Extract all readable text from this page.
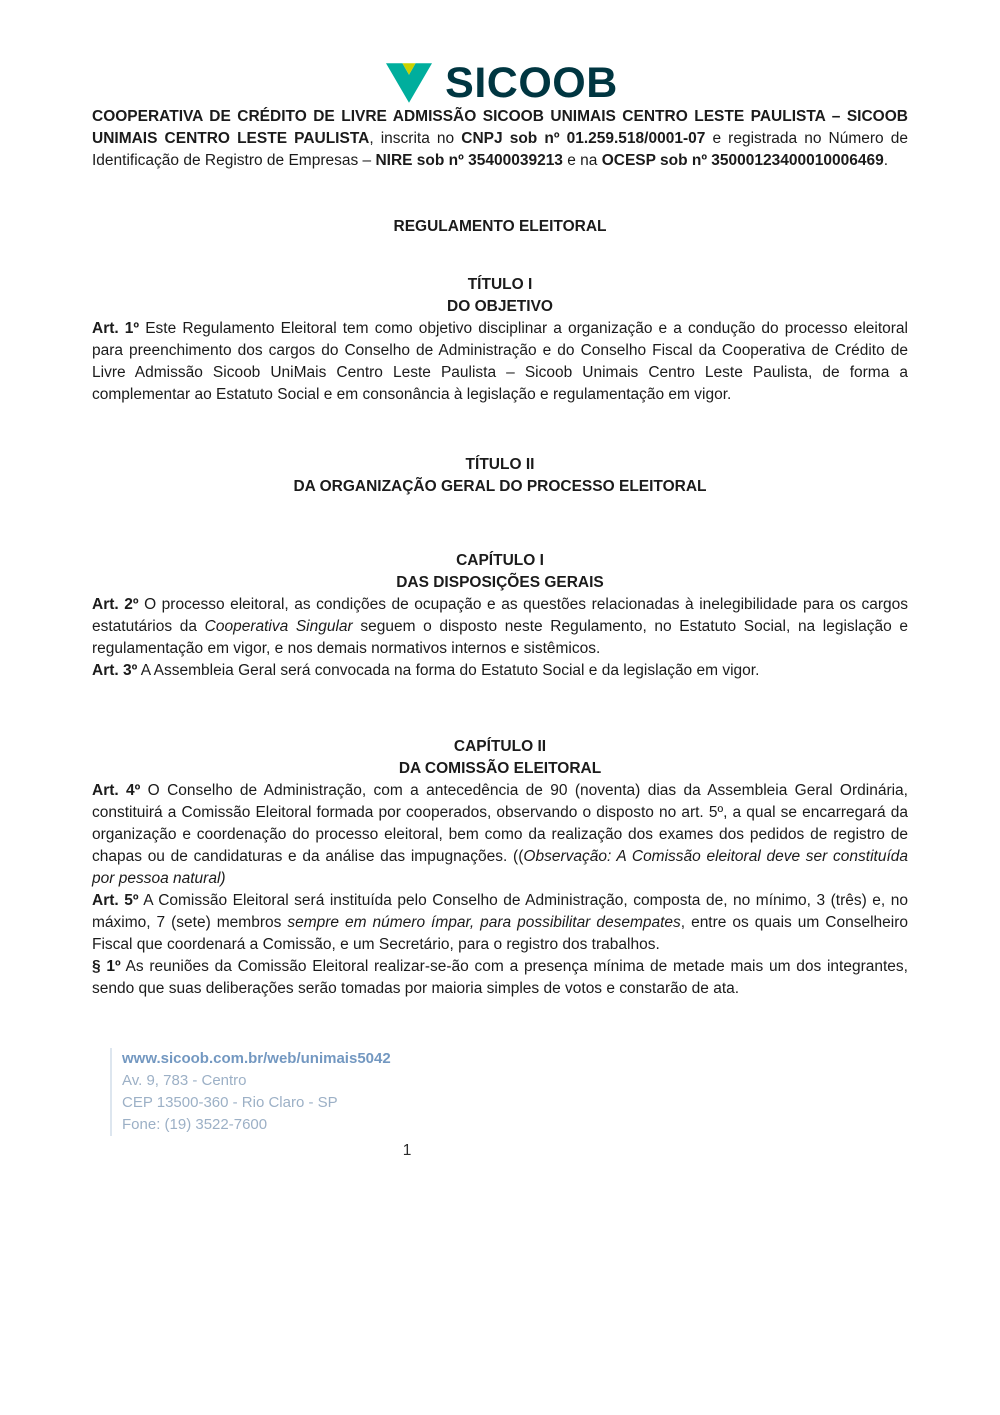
SICOOB

COOPERATIVA DE CRÉDITO DE LIVRE ADMISSÃO SICOOB UNIMAIS CENTRO LESTE PAULISTA – SICOOB UNIMAIS CENTRO LESTE PAULISTA, inscrita no CNPJ sob nº 01.259.518/0001-07 e registrada no Número de Identificação de Registro de Empresas – NIRE sob nº 35400039213 e na OCESP sob nº 35000123400010006469.

REGULAMENTO ELEITORAL
TÍTULO I
DO OBJETIVO

Art. 1º Este Regulamento Eleitoral tem como objetivo disciplinar a organização e a condução do processo eleitoral para preenchimento dos cargos do Conselho de Administração e do Conselho Fiscal da Cooperativa de Crédito de Livre Admissão Sicoob UniMais Centro Leste Paulista – Sicoob Unimais Centro Leste Paulista, de forma a complementar ao Estatuto Social e em consonância à legislação e regulamentação em vigor.

TÍTULO II
DA ORGANIZAÇÃO GERAL DO PROCESSO ELEITORAL
CAPÍTULO I
DAS DISPOSIÇÕES GERAIS

Art. 2º O processo eleitoral, as condições de ocupação e as questões relacionadas à inelegibilidade para os cargos estatutários da Cooperativa Singular seguem o disposto neste Regulamento, no Estatuto Social, na legislação e regulamentação em vigor, e nos demais normativos internos e sistêmicos.

Art. 3º A Assembleia Geral será convocada na forma do Estatuto Social e da legislação em vigor.

CAPÍTULO II
DA COMISSÃO ELEITORAL

Art. 4º O Conselho de Administração, com a antecedência de 90 (noventa) dias da Assembleia Geral Ordinária, constituirá a Comissão Eleitoral formada por cooperados, observando o disposto no art. 5º, a qual se encarregará da organização e coordenação do processo eleitoral, bem como da realização dos exames dos pedidos de registro de chapas ou de candidaturas e da análise das impugnações. ((Observação: A Comissão eleitoral deve ser constituída por pessoa natural)

Art. 5º A Comissão Eleitoral será instituída pelo Conselho de Administração, composta de, no mínimo, 3 (três) e, no máximo, 7 (sete) membros sempre em número ímpar, para possibilitar desempates, entre os quais um Conselheiro Fiscal que coordenará a Comissão, e um Secretário, para o registro dos trabalhos.

§ 1º As reuniões da Comissão Eleitoral realizar-se-ão com a presença mínima de metade mais um dos integrantes, sendo que suas deliberações serão tomadas por maioria simples de votos e constarão de ata.

www.sicoob.com.br/web/unimais5042
Av. 9, 783 - Centro
CEP 13500-360 - Rio Claro - SP
Fone: (19) 3522-7600
1
